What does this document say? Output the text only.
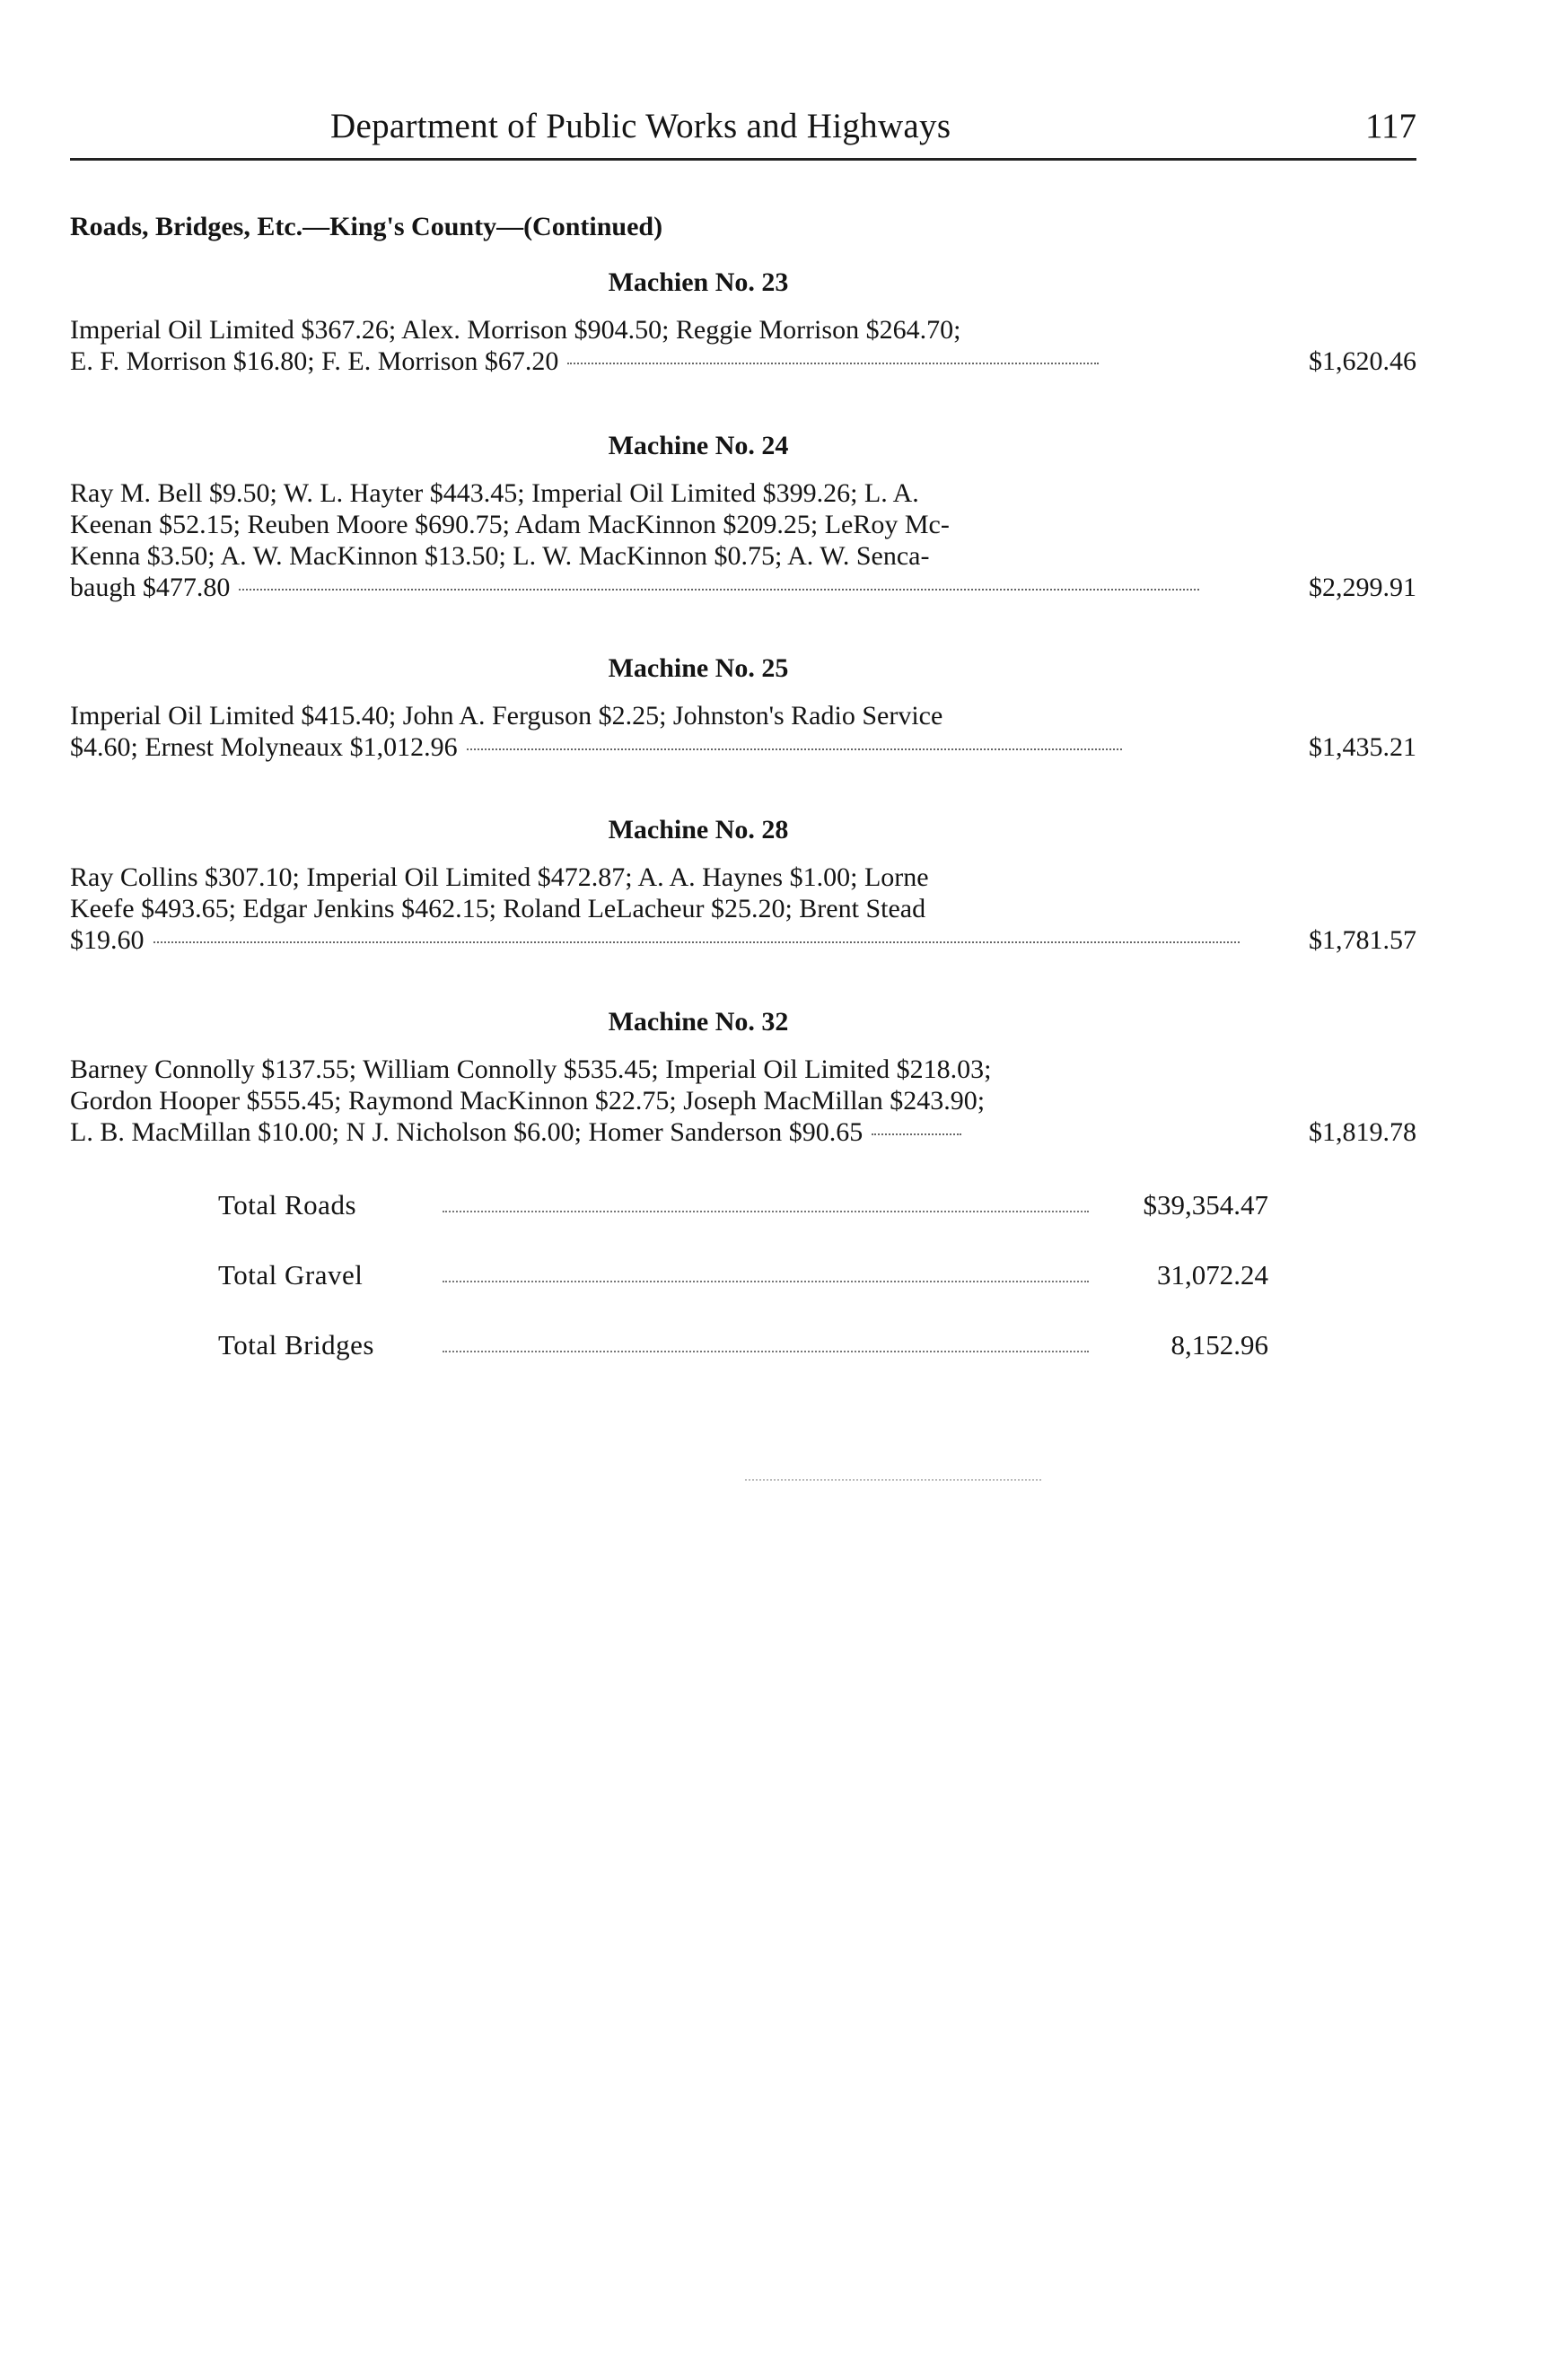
Department of Public Works and Highways	117
Roads, Bridges, Etc.—King's County—(Continued)
Machien No. 23
Imperial Oil Limited $367.26; Alex. Morrison $904.50; Reggie Morrison $264.70;
E. F. Morrison $16.80; F. E. Morrison $67.20	$1,620.46
Machine No. 24
Ray M. Bell $9.50; W. L. Hayter $443.45; Imperial Oil Limited $399.26; L. A.
Keenan $52.15; Reuben Moore $690.75; Adam MacKinnon $209.25; LeRoy Mc-
Kenna $3.50; A. W. MacKinnon $13.50; L. W. MacKinnon $0.75; A. W. Senca-
baugh $477.80	$2,299.91
Machine No. 25
Imperial Oil Limited $415.40; John A. Ferguson $2.25; Johnston's Radio Service
$4.60; Ernest Molyneaux $1,012.96	$1,435.21
Machine No. 28
Ray Collins $307.10; Imperial Oil Limited $472.87; A. A. Haynes $1.00; Lorne
Keefe $493.65; Edgar Jenkins $462.15; Roland LeLacheur $25.20; Brent Stead
$19.60	$1,781.57
Machine No. 32
Barney Connolly $137.55; William Connolly $535.45; Imperial Oil Limited $218.03;
Gordon Hooper $555.45; Raymond MacKinnon $22.75; Joseph MacMillan $243.90;
L. B. MacMillan $10.00; N J. Nicholson $6.00; Homer Sanderson $90.65	$1,819.78
Total Roads	$39,354.47
Total Gravel	31,072.24
Total Bridges	8,152.96
